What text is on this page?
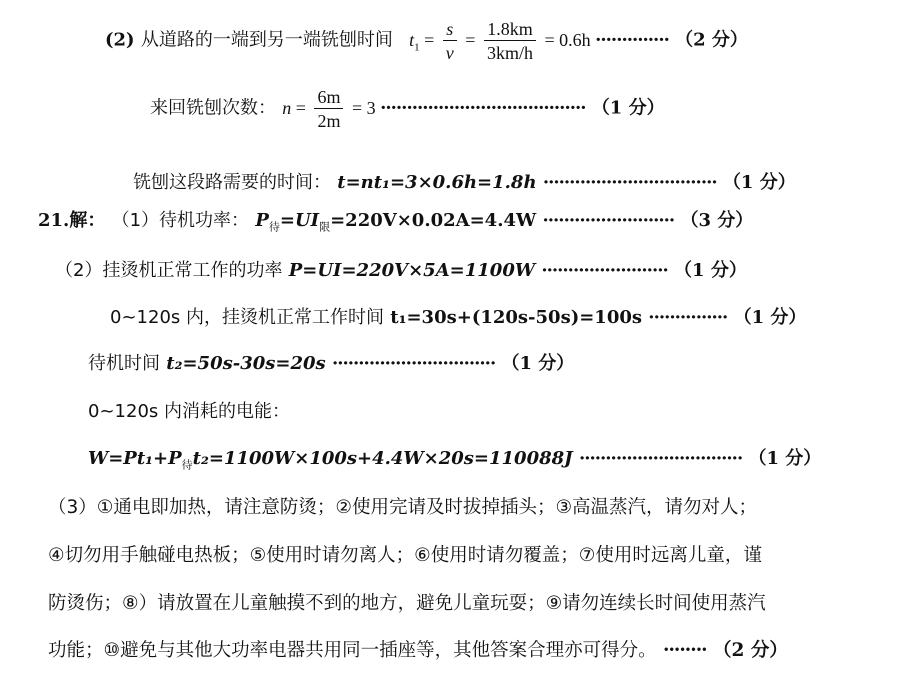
(2) 从道路的一端到另一端铣刨时间 $t_1 = \frac{s}{v} = \frac{1.8km}{3km/h} = 0.6h$ ·············· （2 分）
来回铣刨次数： $n = \frac{6m}{2m} = 3$ ······································· （1 分）
铣刨这段路需要的时间： t=nt₁=3×0.6h=1.8h ································· （1 分）
21.解： （1）待机功率： $P_待=UI_限=220V\times 0.02A=4.4W$ ························· （3 分）
（2）挂烫机正常工作的功率 P=UI=220V×5A=1100W ························ （1 分）
0~120s 内，挂烫机正常工作时间 t₁=30s+(120s-50s)=100s ··············· （1 分）
待机时间 t₂=50s-30s=20s ······························· （1 分）
0~120s 内消耗的电能：
$W=Pt_1+P_待t_2=1100W\times 100s+4.4W\times 20s=110088J$ ······························· （1 分）
（3）①通电即加热，请注意防烫；②使用完请及时拔掉插头；③高温蒸汽，请勿对人；
④切勿用手触碰电热板；⑤使用时请勿离人；⑥使用时请勿覆盖；⑦使用时远离儿童，谨
防烫伤；⑧）请放置在儿童触摸不到的地方，避免儿童玩耍；⑨请勿连续长时间使用蒸汽
功能；⑩避免与其他大功率电器共用同一插座等，其他答案合理亦可得分。 ········ （2 分）
